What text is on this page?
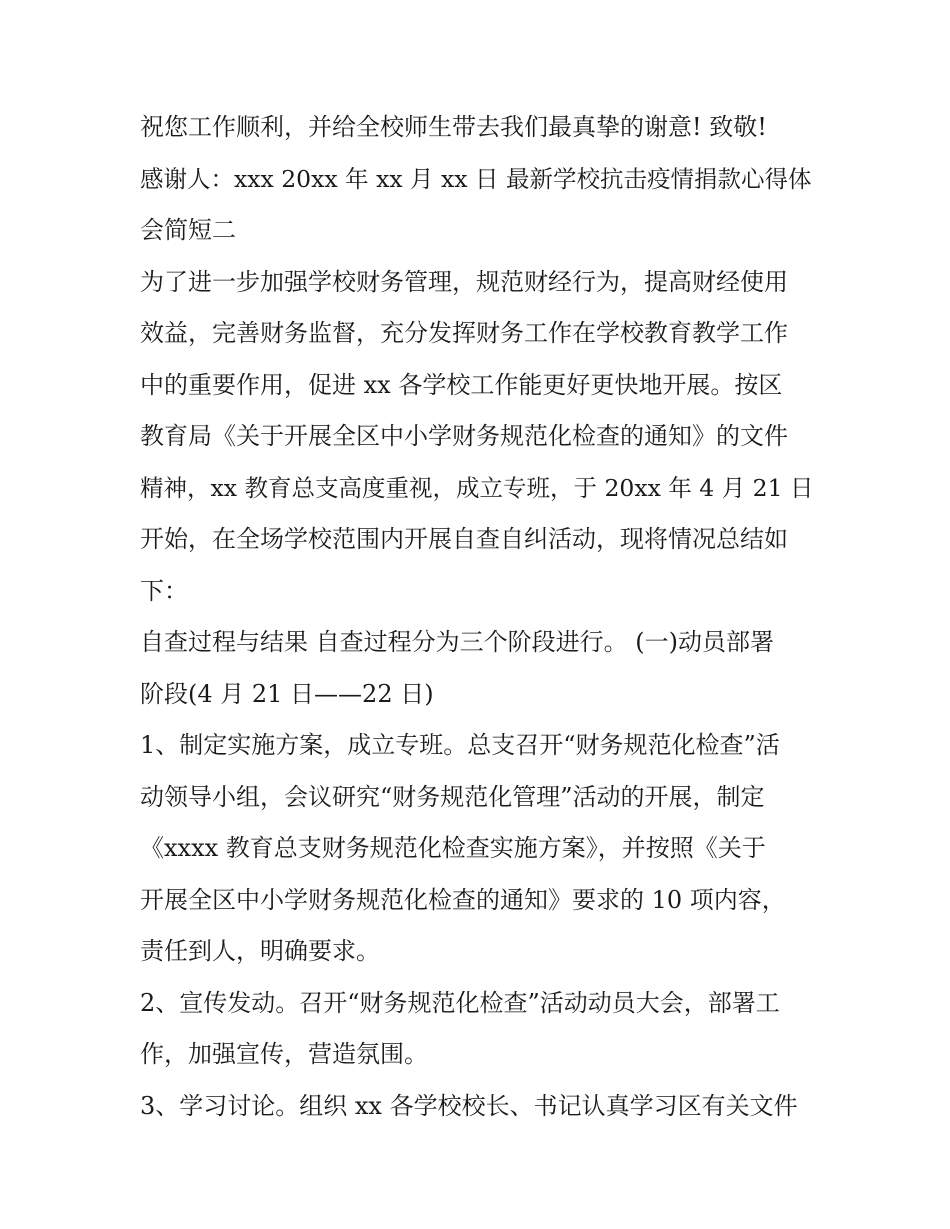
祝您工作顺利，并给全校师生带去我们最真挚的谢意! 致敬!
感谢人：xxx 20xx 年 xx 月 xx 日 最新学校抗击疫情捐款心得体
会简短二
为了进一步加强学校财务管理，规范财经行为，提高财经使用
效益，完善财务监督，充分发挥财务工作在学校教育教学工作
中的重要作用，促进 xx 各学校工作能更好更快地开展。按区
教育局《关于开展全区中小学财务规范化检查的通知》的文件
精神，xx 教育总支高度重视，成立专班，于 20xx 年 4 月 21 日
开始，在全场学校范围内开展自查自纠活动，现将情况总结如
下：
自查过程与结果 自查过程分为三个阶段进行。 (一)动员部署
阶段(4 月 21 日——22 日)
1、制定实施方案，成立专班。总支召开“财务规范化检查”活
动领导小组，会议研究“财务规范化管理”活动的开展，制定
《xxxx 教育总支财务规范化检查实施方案》，并按照《关于
开展全区中小学财务规范化检查的通知》要求的 10 项内容，
责任到人，明确要求。
2、宣传发动。召开“财务规范化检查”活动动员大会，部署工
作，加强宣传，营造氛围。
3、学习讨论。组织 xx 各学校校长、书记认真学习区有关文件
